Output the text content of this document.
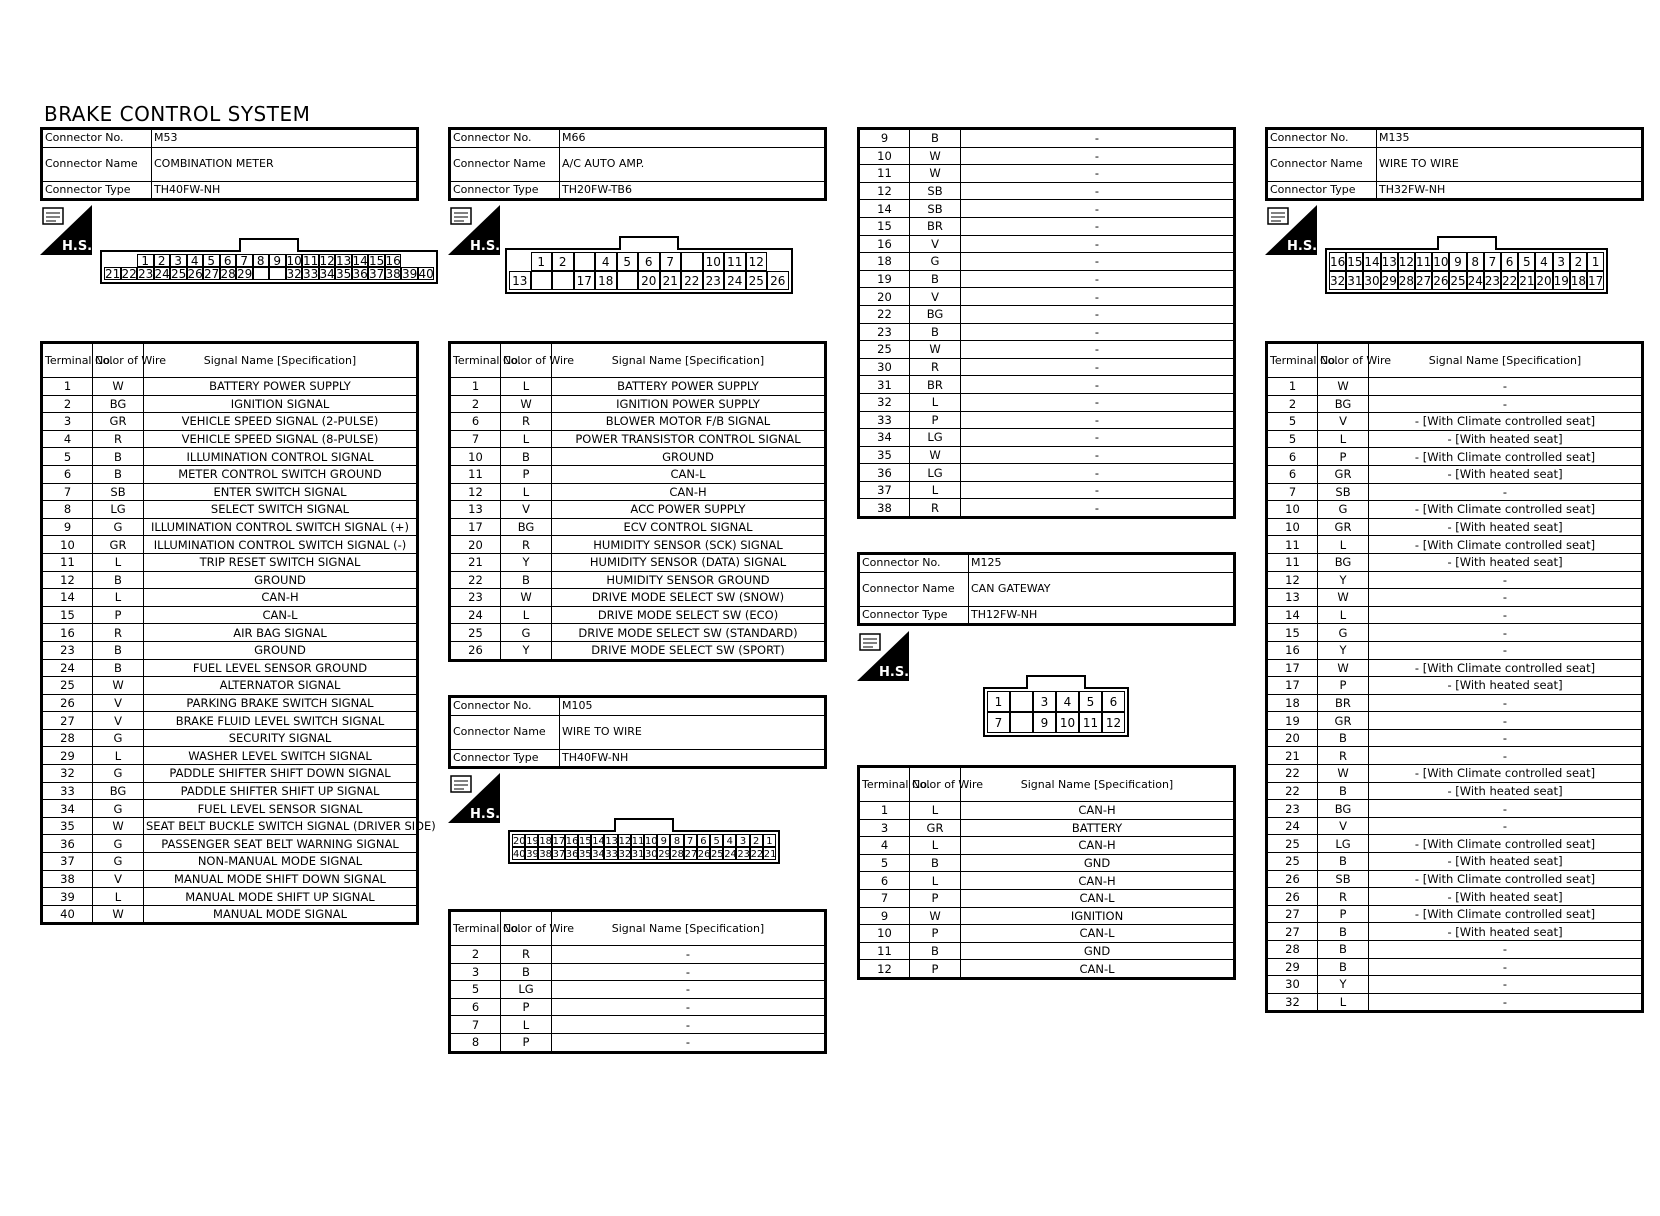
BRAKE CONTROL SYSTEM
Connector No.	M53
Connector Name	COMBINATION METER
Connector Type	TH40FW-NH
H.S.
1 2 3 4 5 6 7 8 9 10 11 12 13 14 15 16
21 22 23 24 25 26 27 28 29	32 33 34 35 36 37 38 39 40
Terminal No.	Color of Wire	Signal Name [Specification]
1	W	BATTERY POWER SUPPLY
2	BG	IGNITION SIGNAL
3	GR	VEHICLE SPEED SIGNAL (2-PULSE)
4	R	VEHICLE SPEED SIGNAL (8-PULSE)
5	B	ILLUMINATION CONTROL SIGNAL
6	B	METER CONTROL SWITCH GROUND
7	SB	ENTER SWITCH SIGNAL
8	LG	SELECT SWITCH SIGNAL
9	G	ILLUMINATION CONTROL SWITCH SIGNAL (+)
10	GR	ILLUMINATION CONTROL SWITCH SIGNAL (-)
11	L	TRIP RESET SWITCH SIGNAL
12	B	GROUND
14	L	CAN-H
15	P	CAN-L
16	R	AIR BAG SIGNAL
23	B	GROUND
24	B	FUEL LEVEL SENSOR GROUND
25	W	ALTERNATOR SIGNAL
26	V	PARKING BRAKE SWITCH SIGNAL
27	V	BRAKE FLUID LEVEL SWITCH SIGNAL
28	G	SECURITY SIGNAL
29	L	WASHER LEVEL SWITCH SIGNAL
32	G	PADDLE SHIFTER SHIFT DOWN SIGNAL
33	BG	PADDLE SHIFTER SHIFT UP SIGNAL
34	G	FUEL LEVEL SENSOR SIGNAL
35	W	SEAT BELT BUCKLE SWITCH SIGNAL (DRIVER SIDE)
36	G	PASSENGER SEAT BELT WARNING SIGNAL
37	G	NON-MANUAL MODE SIGNAL
38	V	MANUAL MODE SHIFT DOWN SIGNAL
39	L	MANUAL MODE SHIFT UP SIGNAL
40	W	MANUAL MODE SIGNAL
Connector No.	M66
Connector Name	A/C AUTO AMP.
Connector Type	TH20FW-TB6
H.S.
1	2	4	5	6	7	10 11 12
13	17 18 20 21 22 23 24 25 26
Terminal No.	Color of Wire	Signal Name [Specification]
1	L	BATTERY POWER SUPPLY
2	W	IGNITION POWER SUPPLY
6	R	BLOWER MOTOR F/B SIGNAL
7	L	POWER TRANSISTOR CONTROL SIGNAL
10	B	GROUND
11	P	CAN-L
12	L	CAN-H
13	V	ACC POWER SUPPLY
17	BG	ECV CONTROL SIGNAL
20	R	HUMIDITY SENSOR (SCK) SIGNAL
21	Y	HUMIDITY SENSOR (DATA) SIGNAL
22	B	HUMIDITY SENSOR GROUND
23	W	DRIVE MODE SELECT SW (SNOW)
24	L	DRIVE MODE SELECT SW (ECO)
25	G	DRIVE MODE SELECT SW (STANDARD)
26	Y	DRIVE MODE SELECT SW (SPORT)
Connector No.	M105
Connector Name	WIRE TO WIRE
Connector Type	TH40FW-NH
H.S.
20 19 18 17 16 15 14 13 12 11 10 9 8 7 6 5 4 3 2 1
40 39 38 37 36 35 34 33 32 31 30 29 28 27 26 25 24 23 22 21
Terminal No.	Color of Wire	Signal Name [Specification]
2	R	-
3	B	-
5	LG	-
6	P	-
7	L	-
8	P	-
9	B	-
10	W	-
11	W	-
12	SB	-
14	SB	-
15	BR	-
16	V	-
18	G	-
19	B	-
20	V	-
22	BG	-
23	B	-
25	W	-
30	R	-
31	BR	-
32	L	-
33	P	-
34	LG	-
35	W	-
36	LG	-
37	L	-
38	R	-
Connector No.	M125
Connector Name	CAN GATEWAY
Connector Type	TH12FW-NH
H.S.
1	3	4	5	6
7	9 10 11 12
Terminal No.	Color of Wire	Signal Name [Specification]
1	L	CAN-H
3	GR	BATTERY
4	L	CAN-H
5	B	GND
6	L	CAN-H
7	P	CAN-L
9	W	IGNITION
10	P	CAN-L
11	B	GND
12	P	CAN-L
Connector No.	M135
Connector Name	WIRE TO WIRE
Connector Type	TH32FW-NH
H.S.
16 15 14 13 12 11 10 9 8 7 6 5 4 3 2 1
32 31 30 29 28 27 26 25 24 23 22 21 20 19 18 17
Terminal No.	Color of Wire	Signal Name [Specification]
1	W	-
2	BG	-
5	V	- [With Climate controlled seat]
5	L	- [With heated seat]
6	P	- [With Climate controlled seat]
6	GR	- [With heated seat]
7	SB	-
10	G	- [With Climate controlled seat]
10	GR	- [With heated seat]
11	L	- [With Climate controlled seat]
11	BG	- [With heated seat]
12	Y	-
13	W	-
14	L	-
15	G	-
16	Y	-
17	W	- [With Climate controlled seat]
17	P	- [With heated seat]
18	BR	-
19	GR	-
20	B	-
21	R	-
22	W	- [With Climate controlled seat]
22	B	- [With heated seat]
23	BG	-
24	V	-
25	LG	- [With Climate controlled seat]
25	B	- [With heated seat]
26	SB	- [With Climate controlled seat]
26	R	- [With heated seat]
27	P	- [With Climate controlled seat]
27	B	- [With heated seat]
28	B	-
29	B	-
30	Y	-
32	L	-
